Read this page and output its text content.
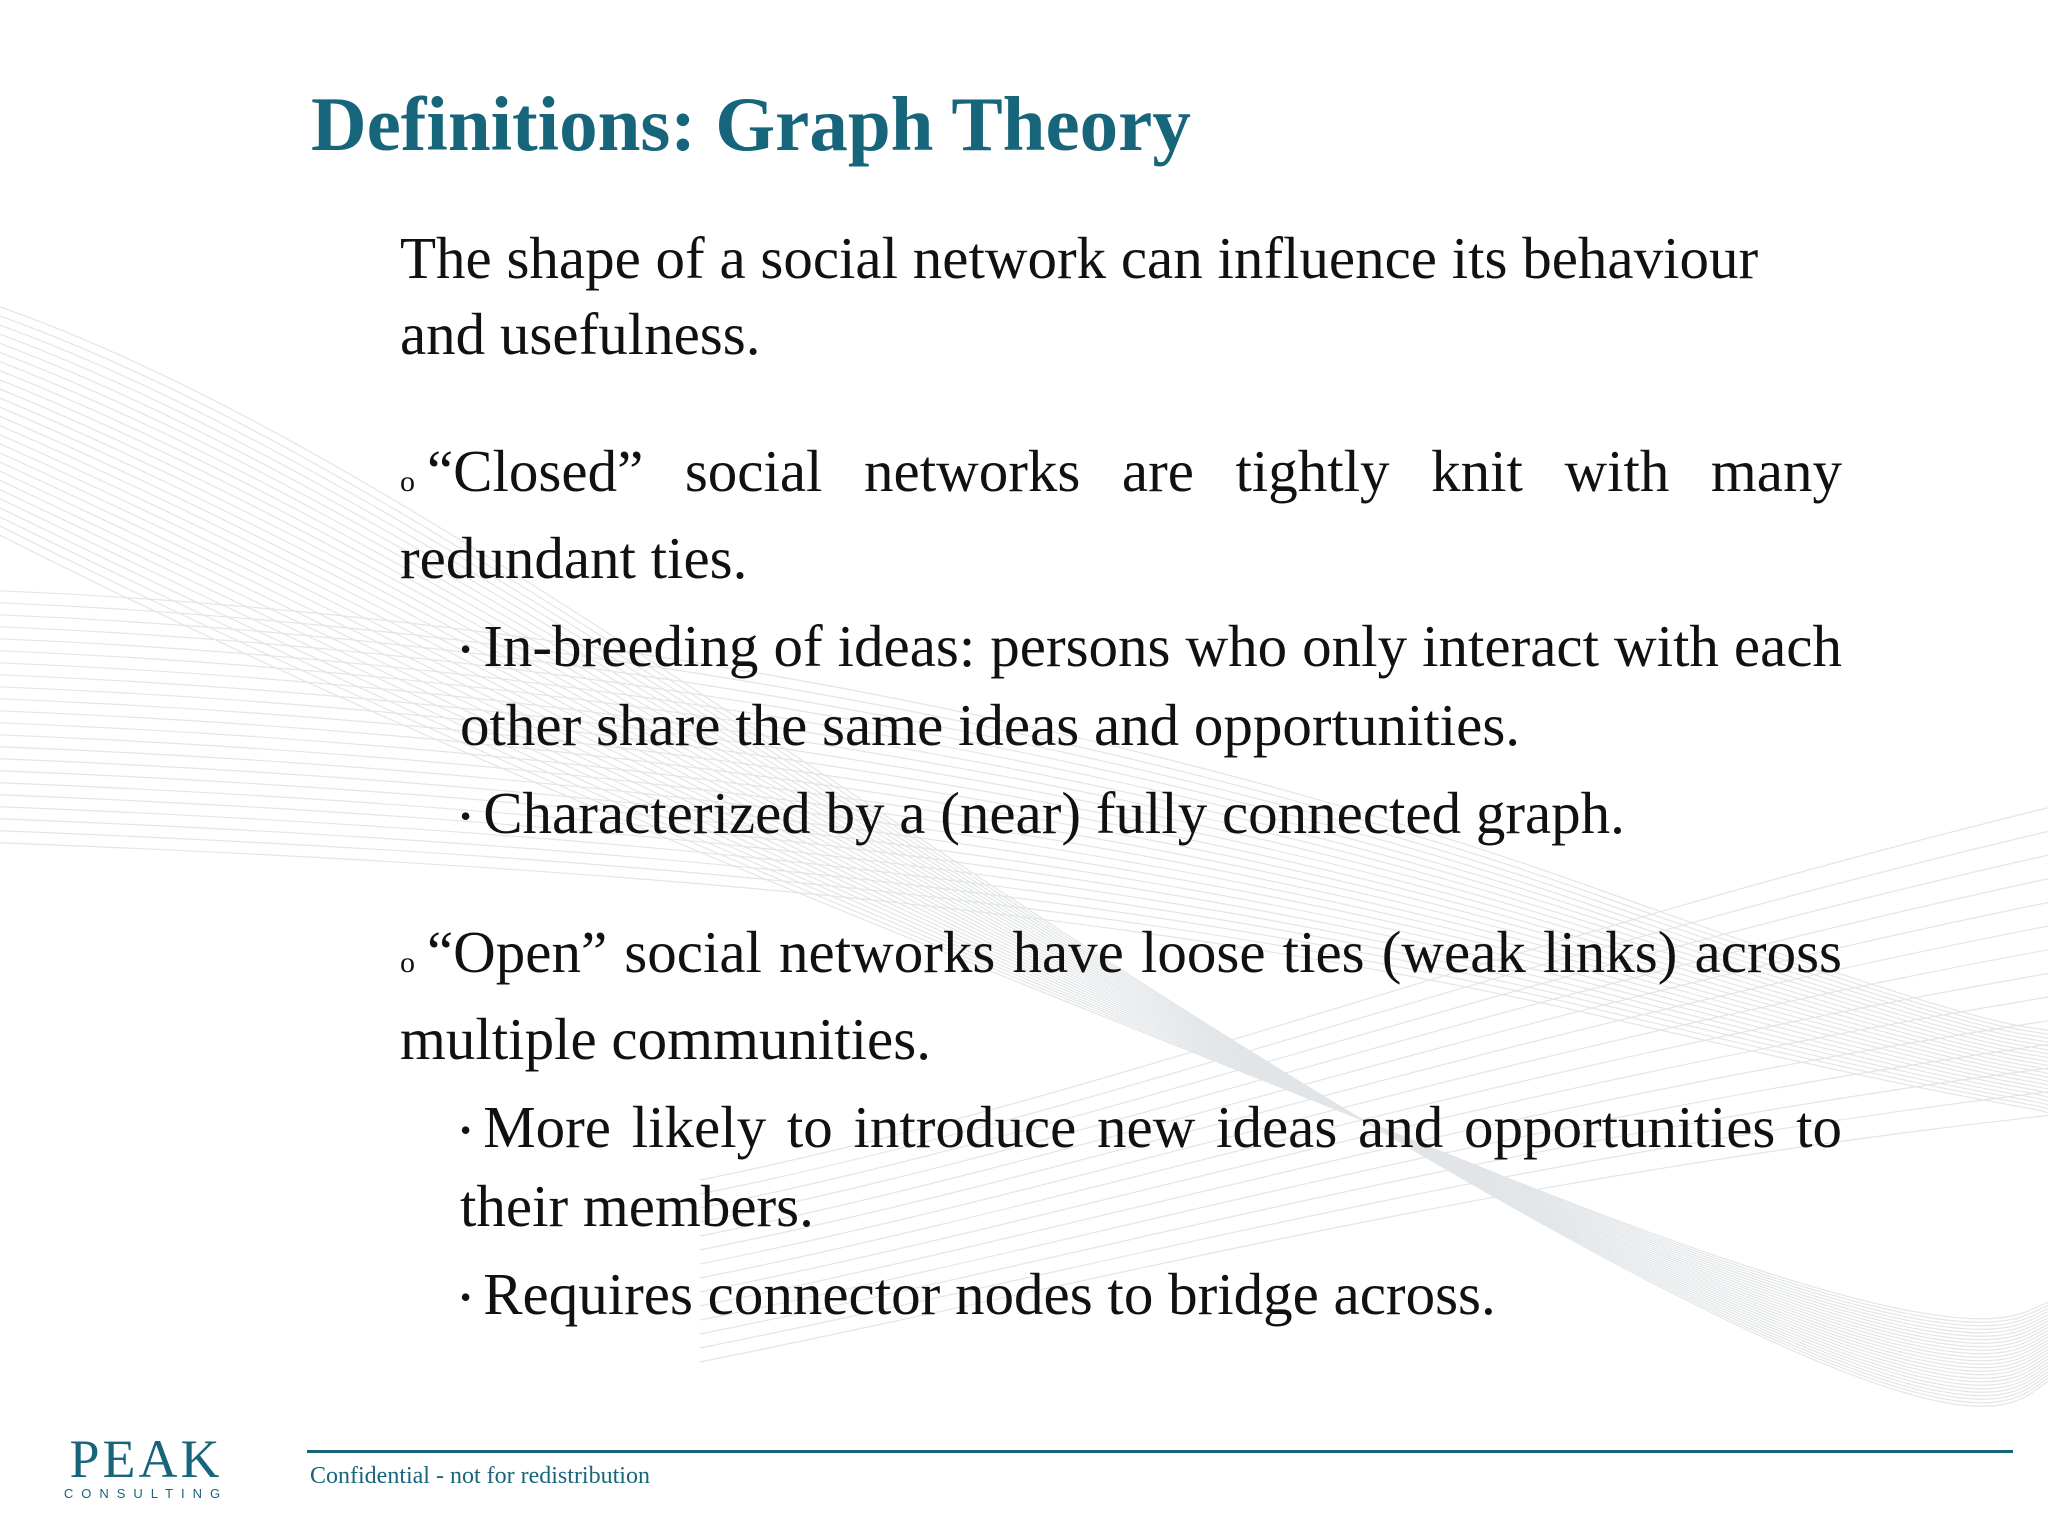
Definitions: Graph Theory

The shape of a social network can influence its behaviour and usefulness.

o “Closed” social networks are tightly knit with many redundant ties.

• In-breeding of ideas: persons who only interact with each other share the same ideas and opportunities.

• Characterized by a (near) fully connected graph.

o “Open” social networks have loose ties (weak links) across multiple communities.

• More likely to introduce new ideas and opportunities to their members.

• Requires connector nodes to bridge across.

PEAK
CONSULTING
Confidential - not for redistribution
